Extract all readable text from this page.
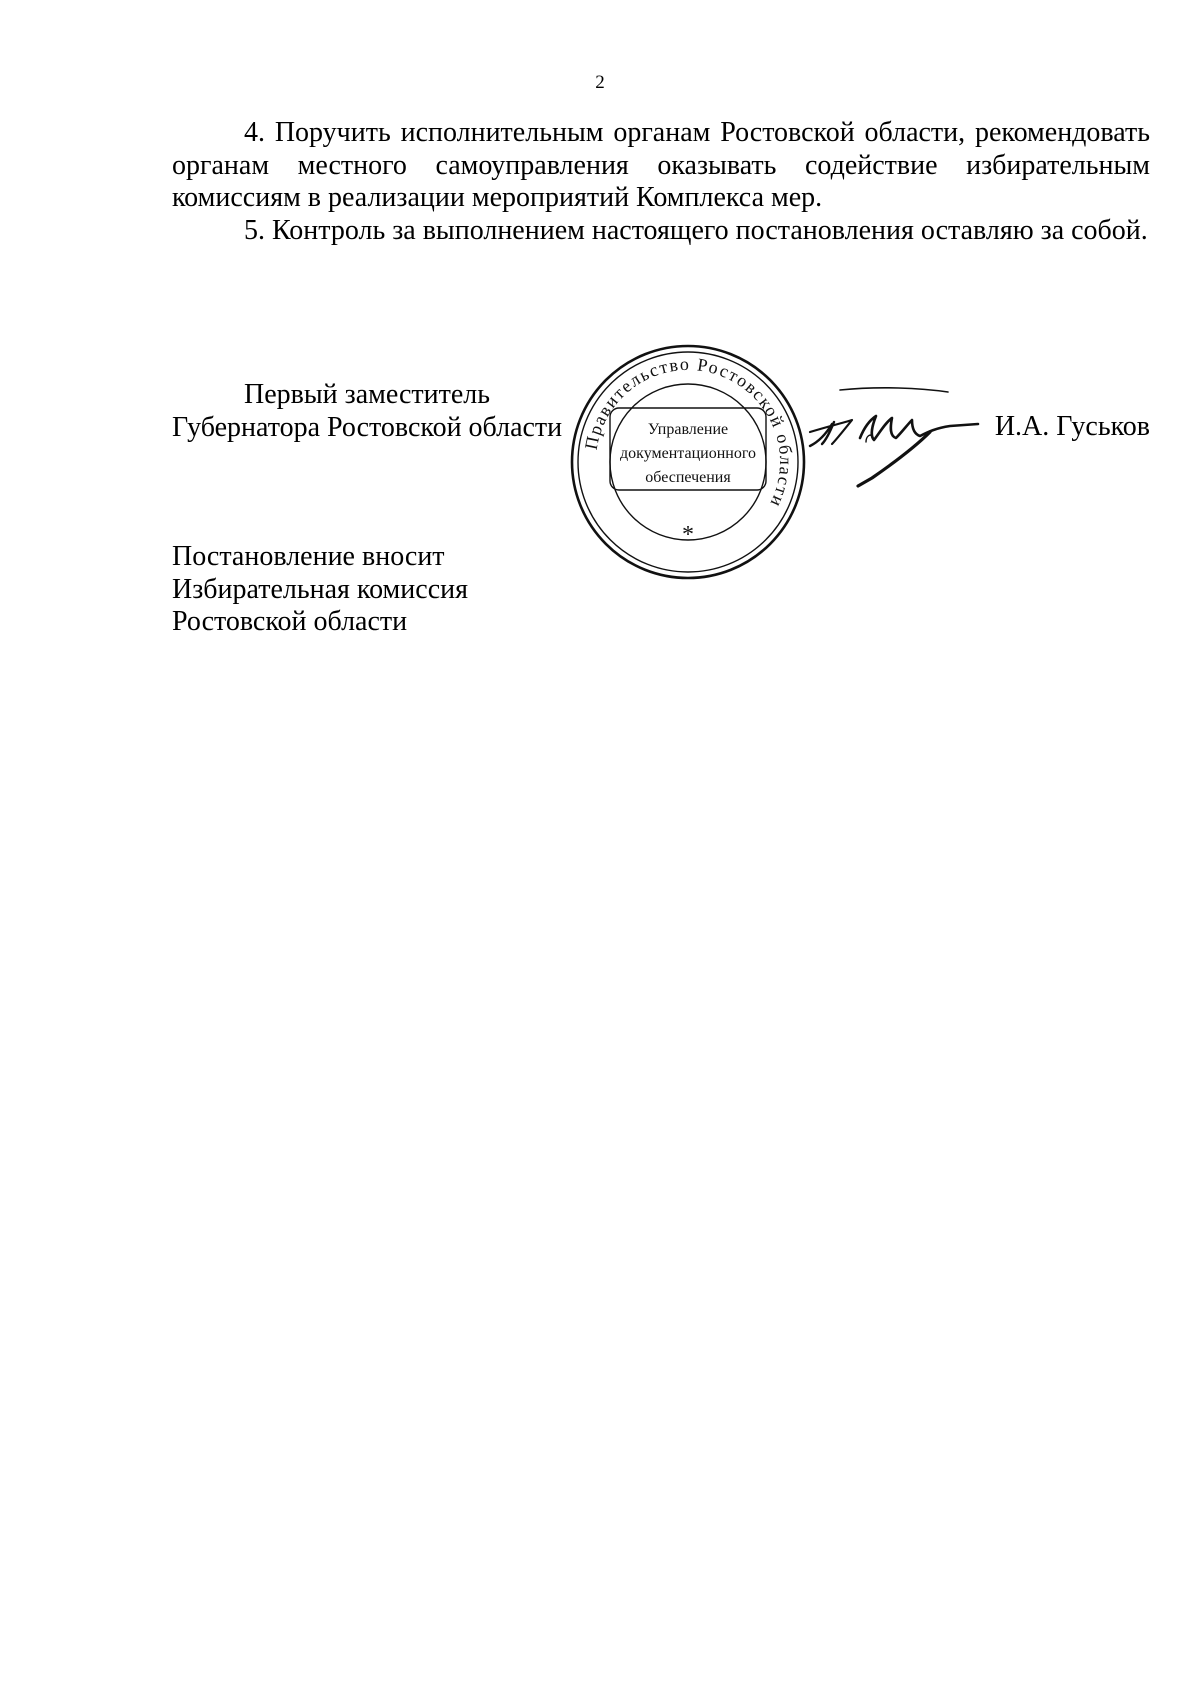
2

4. Поручить исполнительным органам Ростовской области, рекомендовать органам местного самоуправления оказывать содействие избирательным комиссиям в реализации мероприятий Комплекса мер.

5. Контроль за выполнением настоящего постановления оставляю за собой.

Первый заместитель
Губернатора Ростовской области	И.А. Гуськов
Правительство Ростовской области
Управление
документационного
обеспечения
*
Постановление вносит
Избирательная комиссия
Ростовской области
